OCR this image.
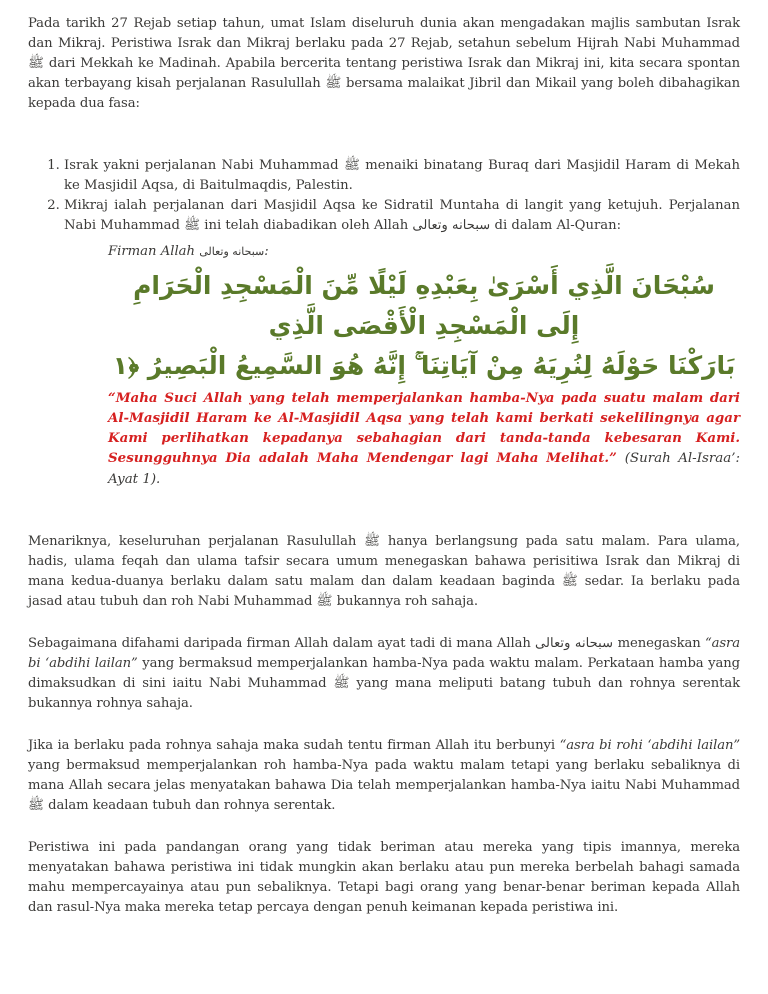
Pada tarikh 27 Rejab setiap tahun, umat Islam diseluruh dunia akan mengadakan majlis sambutan Israk dan Mikraj. Peristiwa Israk dan Mikraj berlaku pada 27 Rejab, setahun sebelum Hijrah Nabi Muhammad ﷺ dari Mekkah ke Madinah. Apabila bercerita tentang peristiwa Israk dan Mikraj ini, kita secara spontan akan terbayang kisah perjalanan Rasulullah ﷺ bersama malaikat Jibril dan Mikail yang boleh dibahagikan kepada dua fasa:

1. Israk yakni perjalanan Nabi Muhammad ﷺ menaiki binatang Buraq dari Masjidil Haram di Mekah ke Masjidil Aqsa, di Baitulmaqdis, Palestin.
2. Mikraj ialah perjalanan dari Masjidil Aqsa ke Sidratil Muntaha di langit yang ketujuh. Perjalanan Nabi Muhammad ﷺ ini telah diabadikan oleh Allah سبحانه وتعالى di dalam Al-Quran:
Firman Allah سبحانه وتعالى:
سُبْحَانَ الَّذِي أَسْرَىٰ بِعَبْدِهِ لَيْلًا مِّنَ الْمَسْجِدِ الْحَرَامِ إِلَى الْمَسْجِدِ الْأَقْصَى الَّذِي
بَارَكْنَا حَوْلَهُ لِنُرِيَهُ مِنْ آيَاتِنَا ۚ إِنَّهُ هُوَ السَّمِيعُ الْبَصِيرُ ﴿١

“Maha Suci Allah yang telah memperjalankan hamba-Nya pada suatu malam dari Al-Masjidil Haram ke Al-Masjidil Aqsa yang telah kami berkati sekelilingnya agar Kami perlihatkan kepadanya sebahagian dari tanda-tanda kebesaran Kami. Sesungguhnya Dia adalah Maha Mendengar lagi Maha Melihat.” (Surah Al-Israa’: Ayat 1).

Menariknya, keseluruhan perjalanan Rasulullah ﷺ hanya berlangsung pada satu malam. Para ulama, hadis, ulama feqah dan ulama tafsir secara umum menegaskan bahawa perisitiwa Israk dan Mikraj di mana kedua-duanya berlaku dalam satu malam dan dalam keadaan baginda ﷺ sedar. Ia berlaku pada jasad atau tubuh dan roh Nabi Muhammad ﷺ bukannya roh sahaja.

Sebagaimana difahami daripada firman Allah dalam ayat tadi di mana Allah سبحانه وتعالى menegaskan “asra bi ‘abdihi lailan” yang bermaksud memperjalankan hamba-Nya pada waktu malam. Perkataan hamba yang dimaksudkan di sini iaitu Nabi Muhammad ﷺ yang mana meliputi batang tubuh dan rohnya serentak bukannya rohnya sahaja.

Jika ia berlaku pada rohnya sahaja maka sudah tentu firman Allah itu berbunyi “asra bi rohi ‘abdihi lailan” yang bermaksud memperjalankan roh hamba-Nya pada waktu malam tetapi yang berlaku sebaliknya di mana Allah secara jelas menyatakan bahawa Dia telah memperjalankan hamba-Nya iaitu Nabi Muhammad ﷺ dalam keadaan tubuh dan rohnya serentak.

Peristiwa ini pada pandangan orang yang tidak beriman atau mereka yang tipis imannya, mereka menyatakan bahawa peristiwa ini tidak mungkin akan berlaku atau pun mereka berbelah bahagi samada mahu mempercayainya atau pun sebaliknya. Tetapi bagi orang yang benar-benar beriman kepada Allah dan rasul-Nya maka mereka tetap percaya dengan penuh keimanan kepada peristiwa ini.
